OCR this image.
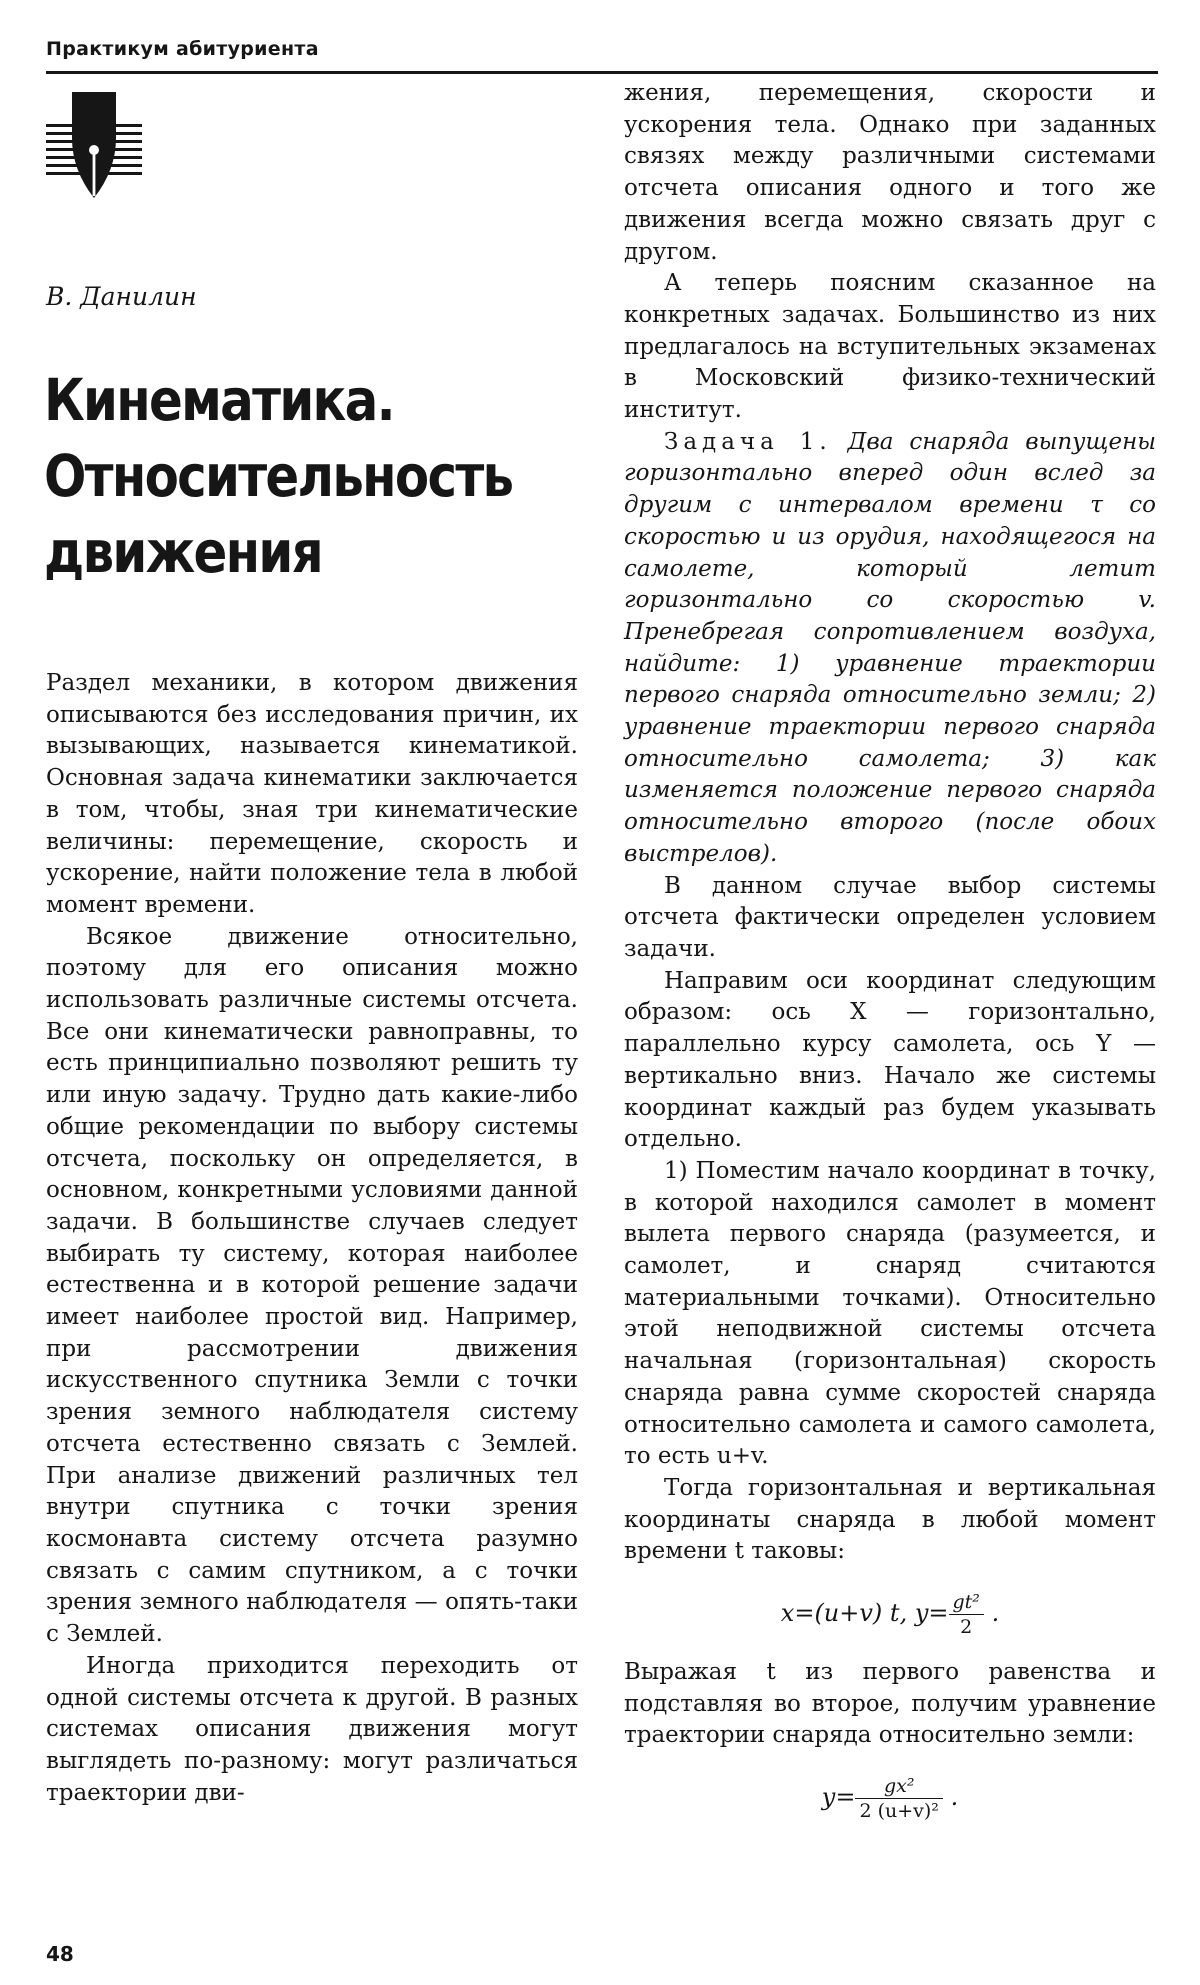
Практикум абитуриента
В. Данилин
Кинематика.
Относительность
движения

Раздел механики, в котором движения описываются без исследования причин, их вызывающих, называется кинематикой. Основная задача кинематики заключается в том, чтобы, зная три кинематические величины: перемещение, скорость и ускорение, найти положение тела в любой момент времени.

Всякое движение относительно, поэтому для его описания можно использовать различные системы отсчета. Все они кинематически равноправны, то есть принципиально позволяют решить ту или иную задачу. Трудно дать какие-либо общие рекомендации по выбору системы отсчета, поскольку он определяется, в основном, конкретными условиями данной задачи. В большинстве случаев следует выбирать ту систему, которая наиболее естественна и в которой решение задачи имеет наиболее простой вид. Например, при рассмотрении движения искусственного спутника Земли с точки зрения земного наблюдателя систему отсчета естественно связать с Землей. При анализе движений различных тел внутри спутника с точки зрения космонавта систему отсчета разумно связать с самим спутником, а с точки зрения земного наблюдателя — опять-таки с Землей.

Иногда приходится переходить от одной системы отсчета к другой. В разных системах описания движения могут выглядеть по-разному: могут различаться траектории дви-

жения, перемещения, скорости и ускорения тела. Однако при заданных связях между различными системами отсчета описания одного и того же движения всегда можно связать друг с другом.

А теперь поясним сказанное на конкретных задачах. Большинство из них предлагалось на вступительных экзаменах в Московский физико-технический институт.

Задача 1. Два снаряда выпущены горизонтально вперед один вслед за другим с интервалом времени τ со скоростью и из орудия, находящегося на самолете, который летит горизонтально со скоростью v. Пренебрегая сопротивлением воздуха, найдите: 1) уравнение траектории первого снаряда относительно земли; 2) уравнение траектории первого снаряда относительно самолета; 3) как изменяется положение первого снаряда относительно второго (после обоих выстрелов).

В данном случае выбор системы отсчета фактически определен условием задачи.

Направим оси координат следующим образом: ось X — горизонтально, параллельно курсу самолета, ось Y — вертикально вниз. Начало же системы координат каждый раз будем указывать отдельно.

1) Поместим начало координат в точку, в которой находился самолет в момент вылета первого снаряда (разумеется, и самолет, и снаряд считаются материальными точками). Относительно этой неподвижной системы отсчета начальная (горизонтальная) скорость снаряда равна сумме скоростей снаряда относительно самолета и самого самолета, то есть u+v.

Тогда горизонтальная и вертикальная координаты снаряда в любой момент времени t таковы:

x=(u+v) t, $y= \frac{\text{gt²}}{2}$ .

Выражая t из первого равенства и подставляя во второе, получим уравнение траектории снаряда относительно земли:

$y= \frac{\text{gx²}}{\text{2 (u+v)²}}$ .
48
